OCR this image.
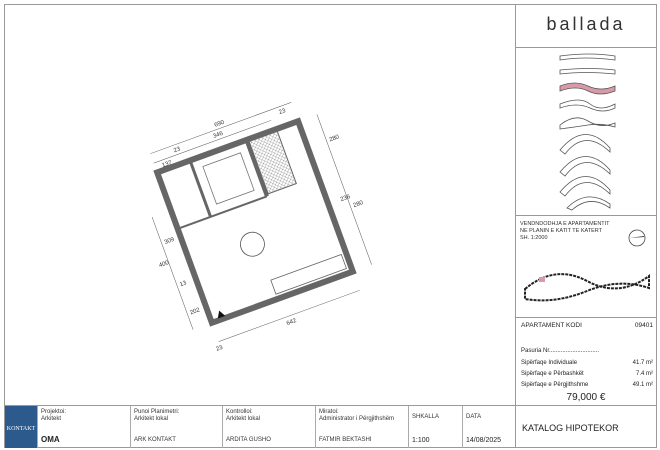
690
346
23
137
23
280
236
280
309
400
13
202
642
23
ballada
VENDNDODHJA E APARTAMENTIT
NE PLANIN E KATIT TE KATERT
SH. 1:2000
APARTAMENT KODI	09401
Pasuria Nr..............................
Sipërfaqe Individuale	41.7 m²
Sipërfaqe e Përbashkët	7.4 m²
Sipërfaqe e Përgjithshme	49.1 m²
79,000 €
KONTAKT
Projektoi:
Arkitekt
OMA
Punoi Planimetri:
Arkitekt lokal
ARK KONTAKT
Kontrolloi:
Arkitekt lokal
ARDITA GUSHO
Miratoi:
Administrator i Përgjithshëm
FATMIR BEKTASHI
SHKALLA
1:100
DATA
14/08/2025
KATALOG HIPOTEKOR
